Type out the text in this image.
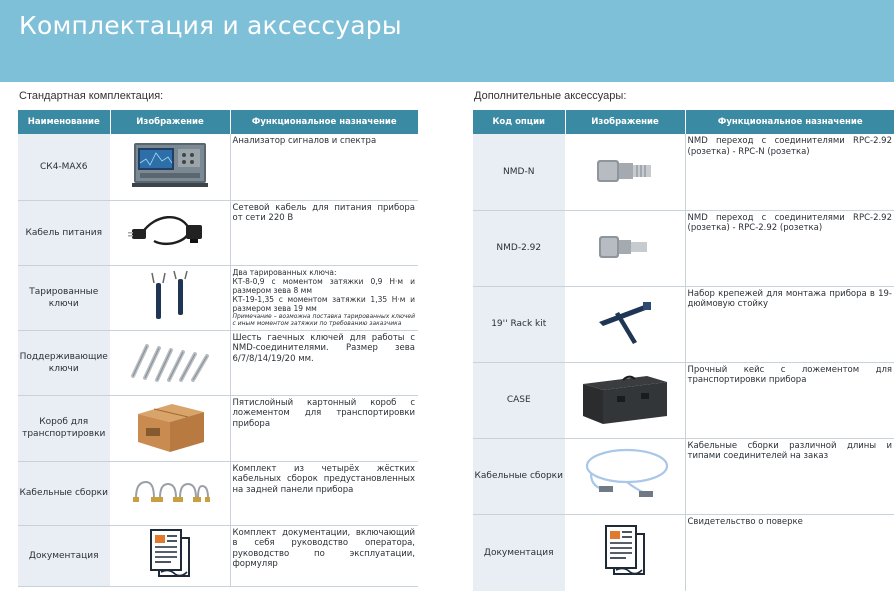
Комплектация и аксессуары
Стандартная комплектация:	Дополнительные аксессуары:
Наименование	Изображение	Функциональное назначение
СК4-МАХ6		Анализатор сигналов и спектра
Кабель питания		Сетевой кабель для питания прибора от сети 220 В
Тарированные ключи		Два тарированных ключа:
КТ-8-0,9 с моментом затяжки 0,9 Н·м и размером зева 8 мм
КТ-19-1,35 с моментом затяжки 1,35 Н·м и размером зева 19 мм
Примечание – возможна поставка тарированных ключей с иным моментом затяжки по требованию заказчика

Поддерживающие ключи		Шесть гаечных ключей для работы с NMD-соединителями. Размер зева 6/7/8/14/19/20 мм.
Короб для транспортировки		Пятислойный картонный короб с ложементом для транспортировки прибора
Кабельные сборки		Комплект из четырёх жёстких кабельных сборок предустановленных на задней панели прибора
Документация		Комплект документации, включающий в себя руководство оператора, руководство по эксплуатации, формуляр
Код опции	Изображение	Функциональное назначение
NMD-N		NMD переход с соединителями RPC-2.92 (розетка) - RPC-N (розетка)
NMD-2.92		NMD переход с соединителями RPC-2.92 (розетка) - RPC-2.92 (розетка)
19'' Rack kit		Набор крепежей для монтажа прибора в 19-дюймовую стойку
CASE		Прочный кейс с ложементом для транспортировки прибора
Кабельные сборки		Кабельные сборки различной длины и типами соединителей на заказ
Документация		Свидетельство о поверке
